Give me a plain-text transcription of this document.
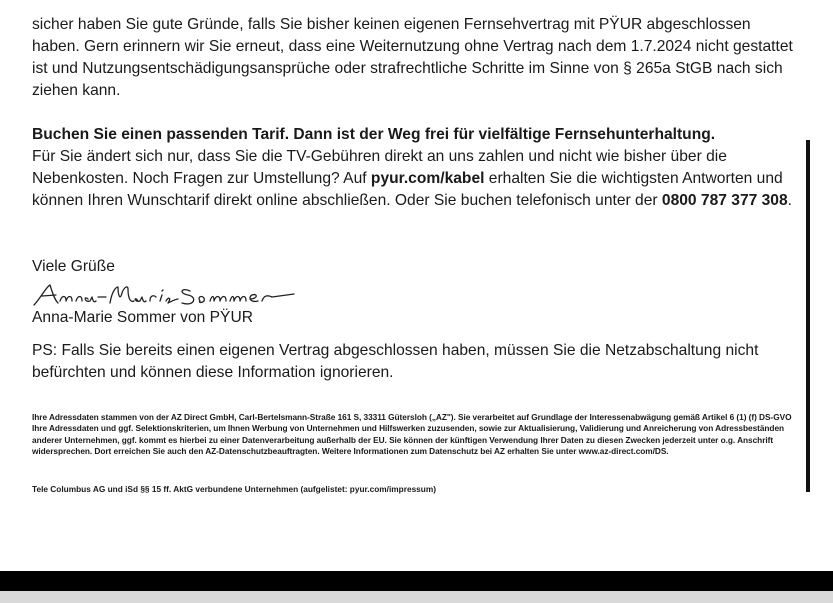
sicher haben Sie gute Gründe, falls Sie bisher keinen eigenen Fernsehvertrag mit PŸUR abgeschlossen haben. Gern erinnern wir Sie erneut, dass eine Weiternutzung ohne Vertrag nach dem 1.7.2024 nicht gestattet ist und Nutzungsentschädigungsansprüche oder strafrechtliche Schritte im Sinne von § 265a StGB nach sich ziehen kann.

Buchen Sie einen passenden Tarif. Dann ist der Weg frei für vielfältige Fernsehunterhaltung.
Für Sie ändert sich nur, dass Sie die TV-Gebühren direkt an uns zahlen und nicht wie bisher über die Nebenkosten. Noch Fragen zur Umstellung? Auf pyur.com/kabel erhalten Sie die wichtigsten Antworten und können Ihren Wunschtarif direkt online abschließen. Oder Sie buchen telefonisch unter der 0800 787 377 308.

Viele Grüße

Anna-Marie Sommer von PŸUR

PS: Falls Sie bereits einen eigenen Vertrag abgeschlossen haben, müssen Sie die Netzabschaltung nicht befürchten und können diese Information ignorieren.

Ihre Adressdaten stammen von der AZ Direct GmbH, Carl-Bertelsmann-Straße 161 S, 33311 Gütersloh („AZ"). Sie verarbeitet auf Grundlage der Interessenabwägung gemäß Artikel 6 (1) (f) DS-GVO Ihre Adressdaten und ggf. Selektionskriterien, um Ihnen Werbung von Unternehmen und Hilfswerken zuzusenden, sowie zur Aktualisierung, Validierung und Anreicherung von Adressbeständen anderer Unternehmen, ggf. kommt es hierbei zu einer Datenverarbeitung außerhalb der EU. Sie können der künftigen Verwendung Ihrer Daten zu diesen Zwecken jederzeit unter o.g. Anschrift widersprechen. Dort erreichen Sie auch den AZ-Datenschutzbeauftragten. Weitere Informationen zum Datenschutz bei AZ erhalten Sie unter www.az-direct.com/DS.

Tele Columbus AG und iSd §§ 15 ff. AktG verbundene Unternehmen (aufgelistet: pyur.com/impressum)
